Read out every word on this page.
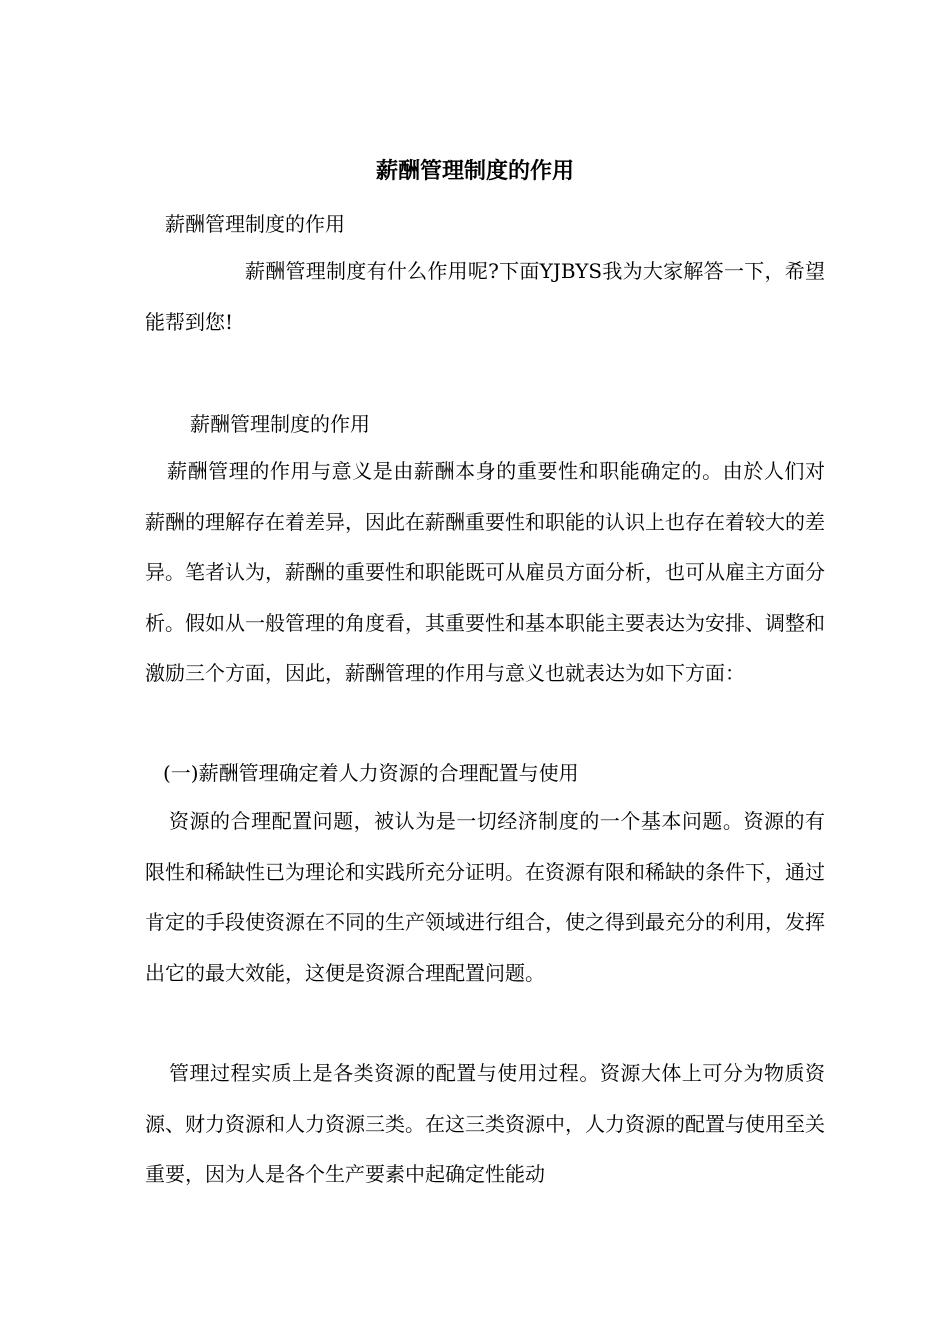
薪酬管理制度的作用
薪酬管理制度的作用

薪酬管理制度有什么作用呢?下面YJBYS我为大家解答一下，希望能帮到您!

薪酬管理制度的作用

薪酬管理的作用与意义是由薪酬本身的重要性和职能确定的。由於人们对薪酬的理解存在着差异，因此在薪酬重要性和职能的认识上也存在着较大的差异。笔者认为，薪酬的重要性和职能既可从雇员方面分析，也可从雇主方面分析。假如从一般管理的角度看，其重要性和基本职能主要表达为安排、调整和激励三个方面，因此，薪酬管理的作用与意义也就表达为如下方面：

(一)薪酬管理确定着人力资源的合理配置与使用

资源的合理配置问题，被认为是一切经济制度的一个基本问题。资源的有限性和稀缺性已为理论和实践所充分证明。在资源有限和稀缺的条件下，通过肯定的手段使资源在不同的生产领域进行组合，使之得到最充分的利用，发挥出它的最大效能，这便是资源合理配置问题。

管理过程实质上是各类资源的配置与使用过程。资源大体上可分为物质资源、财力资源和人力资源三类。在这三类资源中，人力资源的配置与使用至关重要，因为人是各个生产要素中起确定性能动
